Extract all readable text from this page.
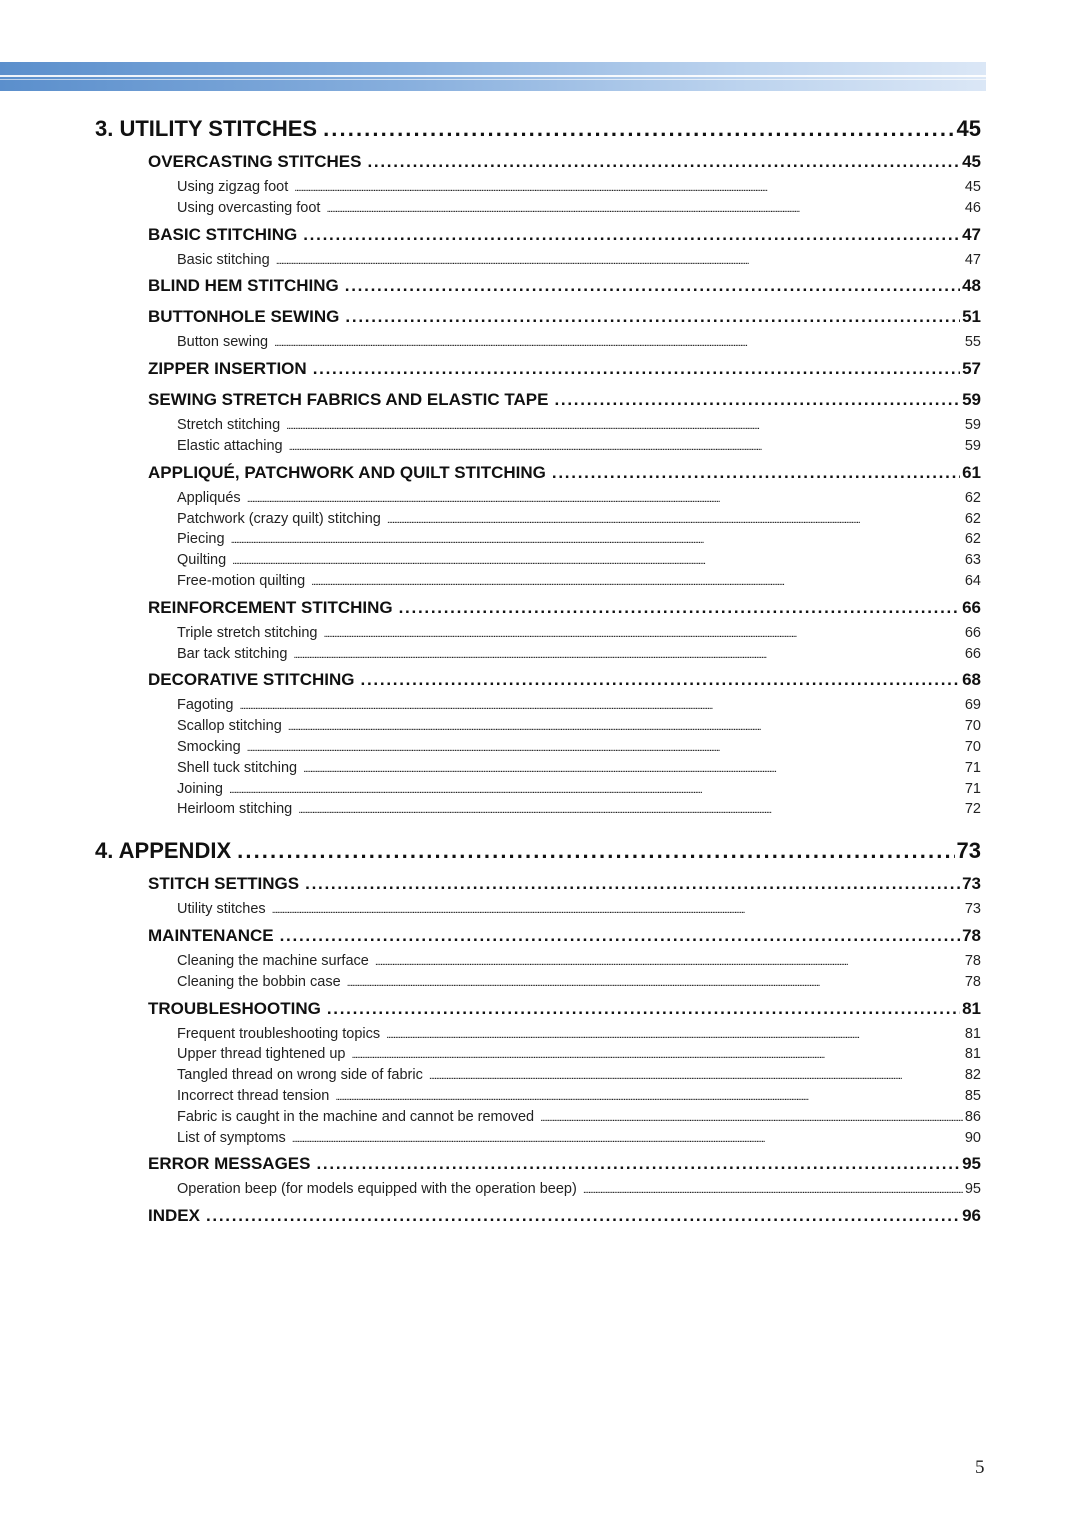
3. UTILITY STITCHES . . .	45
OVERCASTING STITCHES . . .	45
Using zigzag foot . . .	45
Using overcasting foot . . .	46
BASIC STITCHING . . .	47
Basic stitching . . .	47
BLIND HEM STITCHING . . .	48
BUTTONHOLE SEWING . . .	51
Button sewing . . .	55
ZIPPER INSERTION . . .	57
SEWING STRETCH FABRICS AND ELASTIC TAPE . . .	59
Stretch stitching . . .	59
Elastic attaching . . .	59
APPLIQUÉ, PATCHWORK AND QUILT STITCHING . . .	61
Appliqués . . .	62
Patchwork (crazy quilt) stitching . . .	62
Piecing . . .	62
Quilting . . .	63
Free-motion quilting . . .	64
REINFORCEMENT STITCHING . . .	66
Triple stretch stitching . . .	66
Bar tack stitching . . .	66
DECORATIVE STITCHING . . .	68
Fagoting . . .	69
Scallop stitching . . .	70
Smocking . . .	70
Shell tuck stitching . . .	71
Joining . . .	71
Heirloom stitching . . .	72
4. APPENDIX . . .	73
STITCH SETTINGS . . .	73
Utility stitches . . .	73
MAINTENANCE . . .	78
Cleaning the machine surface . . .	78
Cleaning the bobbin case . . .	78
TROUBLESHOOTING . . .	81
Frequent troubleshooting topics . . .	81
Upper thread tightened up . . .	81
Tangled thread on wrong side of fabric . . .	82
Incorrect thread tension . . .	85
Fabric is caught in the machine and cannot be removed . . .	86
List of symptoms . . .	90
ERROR MESSAGES . . .	95
Operation beep (for models equipped with the operation beep) . . .	95
INDEX . . .	96
5
